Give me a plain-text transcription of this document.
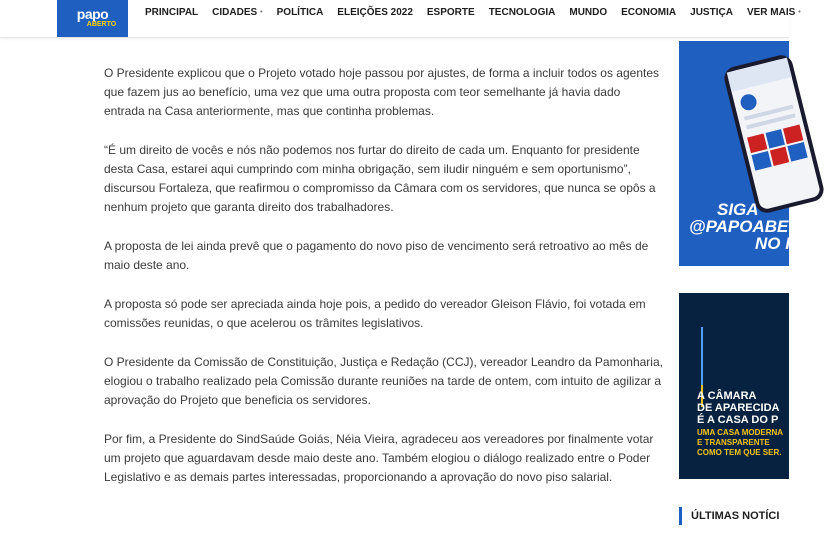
papo
ABERTO
PRINCIPAL CIDADES • POLÍTICA ELEIÇÕES 2022 ESPORTE TECNOLOGIA MUNDO ECONOMIA JUSTIÇA VER MAIS •

O Presidente explicou que o Projeto votado hoje passou por ajustes, de forma a incluir todos os agentes que fazem jus ao benefício, uma vez que uma outra proposta com teor semelhante já havia dado entrada na Casa anteriormente, mas que continha problemas.

“É um direito de vocês e nós não podemos nos furtar do direito de cada um. Enquanto for presidente desta Casa, estarei aqui cumprindo com minha obrigação, sem iludir ninguém e sem oportunismo”, discursou Fortaleza, que reafirmou o compromisso da Câmara com os servidores, que nunca se opôs a nenhum projeto que garanta direito dos trabalhadores.

A proposta de lei ainda prevê que o pagamento do novo piso de vencimento será retroativo ao mês de maio deste ano.

A proposta só pode ser apreciada ainda hoje pois, a pedido do vereador Gleison Flávio, foi votada em comissões reunidas, o que acelerou os trâmites legislativos.

O Presidente da Comissão de Constituição, Justiça e Redação (CCJ), vereador Leandro da Pamonharia, elogiou o trabalho realizado pela Comissão durante reuniões na tarde de ontem, com intuito de agilizar a aprovação do Projeto que beneficia os servidores.

Por fim, a Presidente do SindSaúde Goiás, Néia Vieira, agradeceu aos vereadores por finalmente votar um projeto que aguardavam desde maio deste ano. Também elogiou o diálogo realizado entre o Poder Legislativo e as demais partes interessadas, proporcionando a aprovação do novo piso salarial.

SIGA
@PAPOABE
NO I
A CÂMARA
DE APARECIDA
É A CASA DO P
UMA CASA MODERNA
E TRANSPARENTE
COMO TEM QUE SER.
ÚLTIMAS NOTÍCI
